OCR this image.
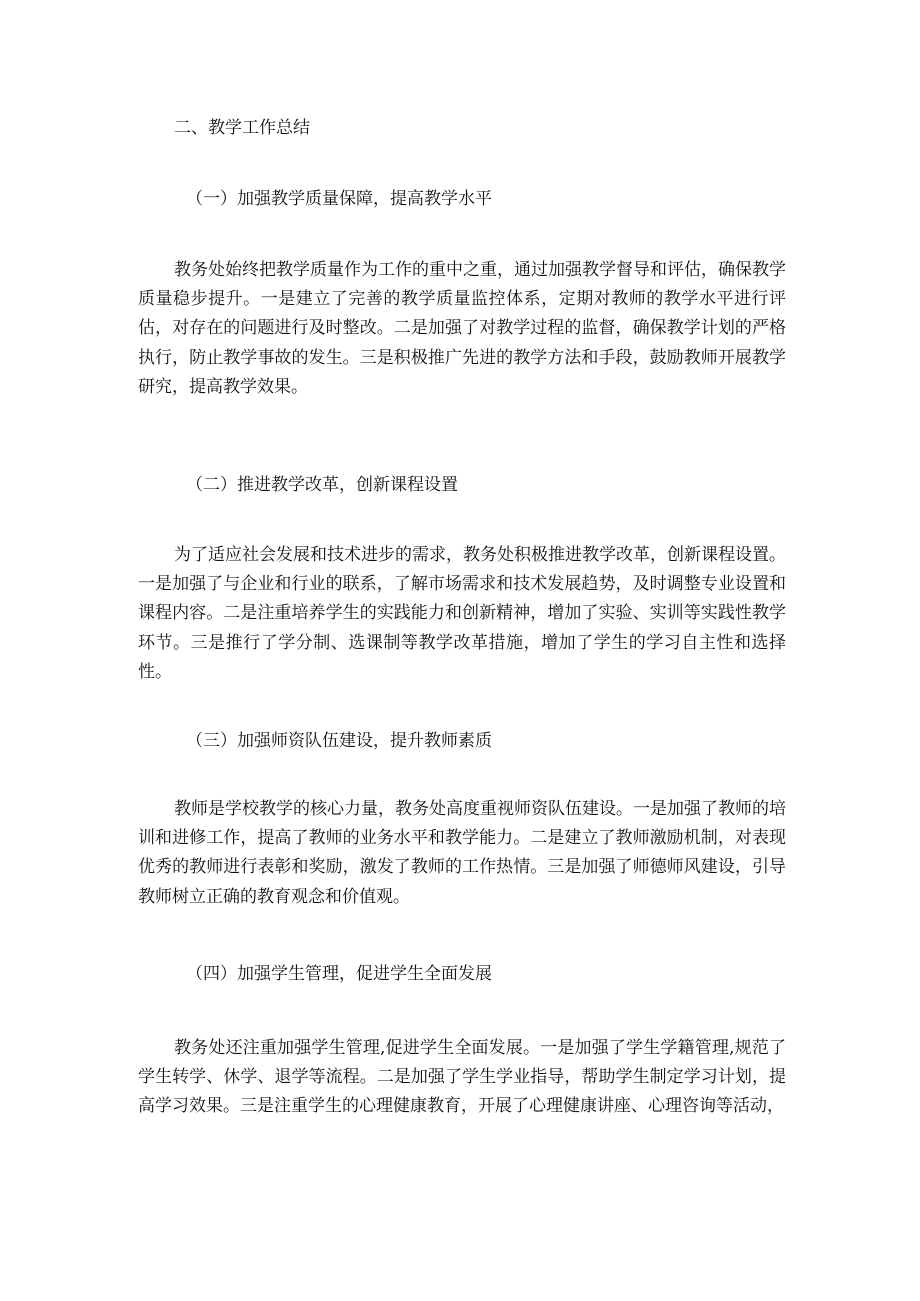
二、教学工作总结
（一）加强教学质量保障，提高教学水平

教务处始终把教学质量作为工作的重中之重，通过加强教学督导和评估，确保教学质量稳步提升。一是建立了完善的教学质量监控体系，定期对教师的教学水平进行评估，对存在的问题进行及时整改。二是加强了对教学过程的监督，确保教学计划的严格执行，防止教学事故的发生。三是积极推广先进的教学方法和手段，鼓励教师开展教学研究，提高教学效果。

（二）推进教学改革，创新课程设置

为了适应社会发展和技术进步的需求，教务处积极推进教学改革，创新课程设置。一是加强了与企业和行业的联系，了解市场需求和技术发展趋势，及时调整专业设置和课程内容。二是注重培养学生的实践能力和创新精神，增加了实验、实训等实践性教学环节。三是推行了学分制、选课制等教学改革措施，增加了学生的学习自主性和选择性。

（三）加强师资队伍建设，提升教师素质

教师是学校教学的核心力量，教务处高度重视师资队伍建设。一是加强了教师的培训和进修工作，提高了教师的业务水平和教学能力。二是建立了教师激励机制，对表现优秀的教师进行表彰和奖励，激发了教师的工作热情。三是加强了师德师风建设，引导教师树立正确的教育观念和价值观。

（四）加强学生管理，促进学生全面发展

教务处还注重加强学生管理,促进学生全面发展。一是加强了学生学籍管理,规范了学生转学、休学、退学等流程。二是加强了学生学业指导，帮助学生制定学习计划，提高学习效果。三是注重学生的心理健康教育，开展了心理健康讲座、心理咨询等活动，
